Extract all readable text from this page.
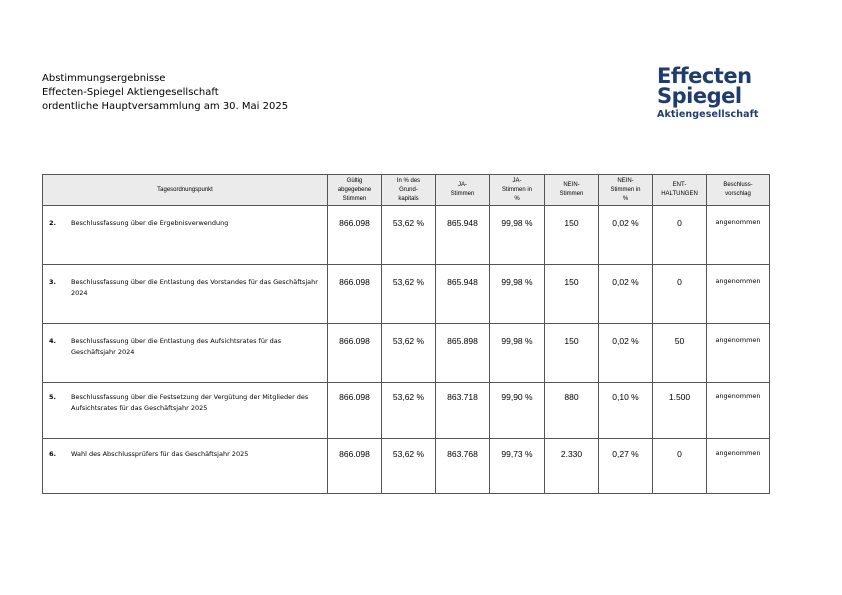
Abstimmungsergebnisse
Effecten-Spiegel Aktiengesellschaft
ordentliche Hauptversammlung am 30. Mai 2025
Effecten
Spiegel
Aktiengesellschaft
Tagesordnungspunkt	Gültig
abgegebene
Stimmen	In % des
Grund-
kapitals	JA-
Stimmen	JA-
Stimmen in
%	NEIN-
Stimmen	NEIN-
Stimmen in
%	ENT-
HALTUNGEN	Beschluss-
vorschlag

2. Beschlussfassung über die Ergebnisverwendung	866.098	53,62 %	865.948	99,98 %	150	0,02 %	0	angenommen

3. Beschlussfassung über die Entlastung des Vorstandes für das Geschäftsjahr 2024	866.098	53,62 %	865.948	99,98 %	150	0,02 %	0	angenommen

4. Beschlussfassung über die Entlastung des Aufsichtsrates für das Geschäftsjahr 2024	866.098	53,62 %	865.898	99,98 %	150	0,02 %	50	angenommen

5. Beschlussfassung über die Festsetzung der Vergütung der Mitglieder des Aufsichtsrates für das Geschäftsjahr 2025	866.098	53,62 %	863.718	99,90 %	880	0,10 %	1.500	angenommen

6. Wahl des Abschlussprüfers für das Geschäftsjahr 2025	866.098	53,62 %	863.768	99,73 %	2.330	0,27 %	0	angenommen
